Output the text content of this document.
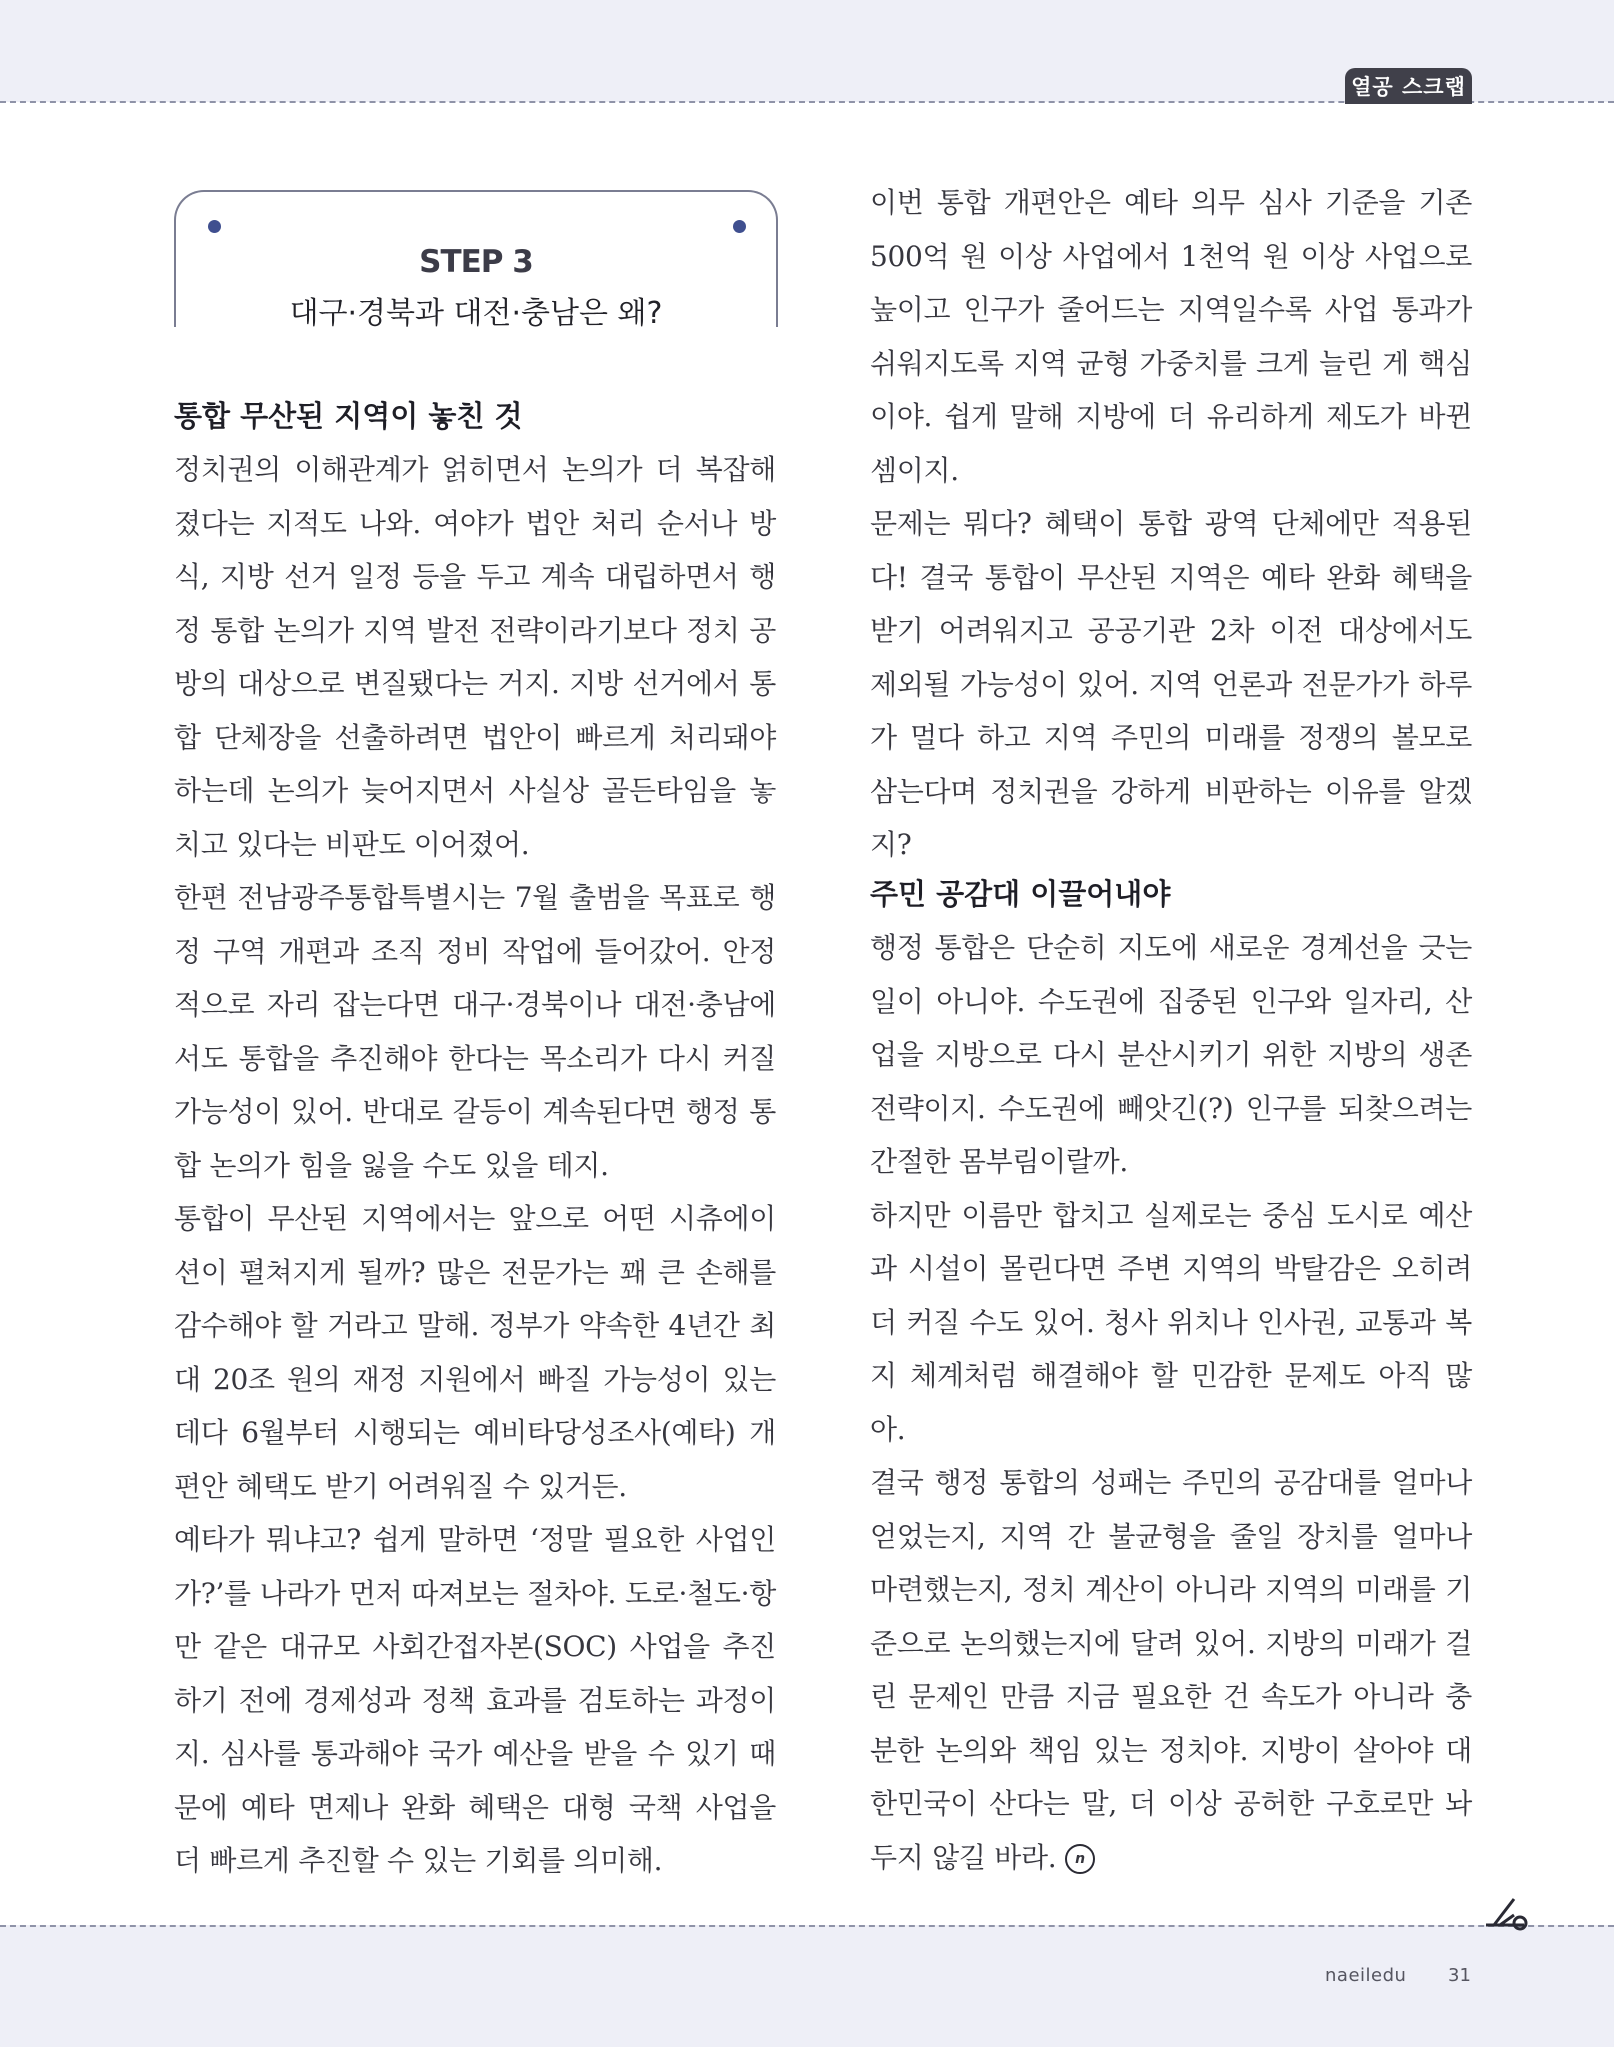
열공 스크랩
STEP 3
대구·경북과 대전·충남은 왜?
통합 무산된 지역이 놓친 것

정치권의 이해관계가 얽히면서 논의가 더 복잡해졌다는 지적도 나와. 여야가 법안 처리 순서나 방식, 지방 선거 일정 등을 두고 계속 대립하면서 행정 통합 논의가 지역 발전 전략이라기보다 정치 공방의 대상으로 변질됐다는 거지. 지방 선거에서 통합 단체장을 선출하려면 법안이 빠르게 처리돼야 하는데 논의가 늦어지면서 사실상 골든타임을 놓치고 있다는 비판도 이어졌어.

한편 전남광주통합특별시는 7월 출범을 목표로 행정 구역 개편과 조직 정비 작업에 들어갔어. 안정적으로 자리 잡는다면 대구·경북이나 대전·충남에서도 통합을 추진해야 한다는 목소리가 다시 커질 가능성이 있어. 반대로 갈등이 계속된다면 행정 통합 논의가 힘을 잃을 수도 있을 테지.

통합이 무산된 지역에서는 앞으로 어떤 시츄에이션이 펼쳐지게 될까? 많은 전문가는 꽤 큰 손해를 감수해야 할 거라고 말해. 정부가 약속한 4년간 최대 20조 원의 재정 지원에서 빠질 가능성이 있는 데다 6월부터 시행되는 예비타당성조사(예타) 개편안 혜택도 받기 어려워질 수 있거든.

예타가 뭐냐고? 쉽게 말하면 ‘정말 필요한 사업인가?’를 나라가 먼저 따져보는 절차야. 도로·철도·항만 같은 대규모 사회간접자본(SOC) 사업을 추진하기 전에 경제성과 정책 효과를 검토하는 과정이지. 심사를 통과해야 국가 예산을 받을 수 있기 때문에 예타 면제나 완화 혜택은 대형 국책 사업을 더 빠르게 추진할 수 있는 기회를 의미해.

이번 통합 개편안은 예타 의무 심사 기준을 기존 500억 원 이상 사업에서 1천억 원 이상 사업으로 높이고 인구가 줄어드는 지역일수록 사업 통과가 쉬워지도록 지역 균형 가중치를 크게 늘린 게 핵심이야. 쉽게 말해 지방에 더 유리하게 제도가 바뀐 셈이지.

문제는 뭐다? 혜택이 통합 광역 단체에만 적용된다! 결국 통합이 무산된 지역은 예타 완화 혜택을 받기 어려워지고 공공기관 2차 이전 대상에서도 제외될 가능성이 있어. 지역 언론과 전문가가 하루가 멀다 하고 지역 주민의 미래를 정쟁의 볼모로 삼는다며 정치권을 강하게 비판하는 이유를 알겠지?

주민 공감대 이끌어내야

행정 통합은 단순히 지도에 새로운 경계선을 긋는 일이 아니야. 수도권에 집중된 인구와 일자리, 산업을 지방으로 다시 분산시키기 위한 지방의 생존 전략이지. 수도권에 빼앗긴(?) 인구를 되찾으려는 간절한 몸부림이랄까.

하지만 이름만 합치고 실제로는 중심 도시로 예산과 시설이 몰린다면 주변 지역의 박탈감은 오히려 더 커질 수도 있어. 청사 위치나 인사권, 교통과 복지 체계처럼 해결해야 할 민감한 문제도 아직 많아.

결국 행정 통합의 성패는 주민의 공감대를 얼마나 얻었는지, 지역 간 불균형을 줄일 장치를 얼마나 마련했는지, 정치 계산이 아니라 지역의 미래를 기준으로 논의했는지에 달려 있어. 지방의 미래가 걸린 문제인 만큼 지금 필요한 건 속도가 아니라 충분한 논의와 책임 있는 정치야. 지방이 살아야 대한민국이 산다는 말, 더 이상 공허한 구호로만 놔두지 않길 바라. n

naeiledu 31
